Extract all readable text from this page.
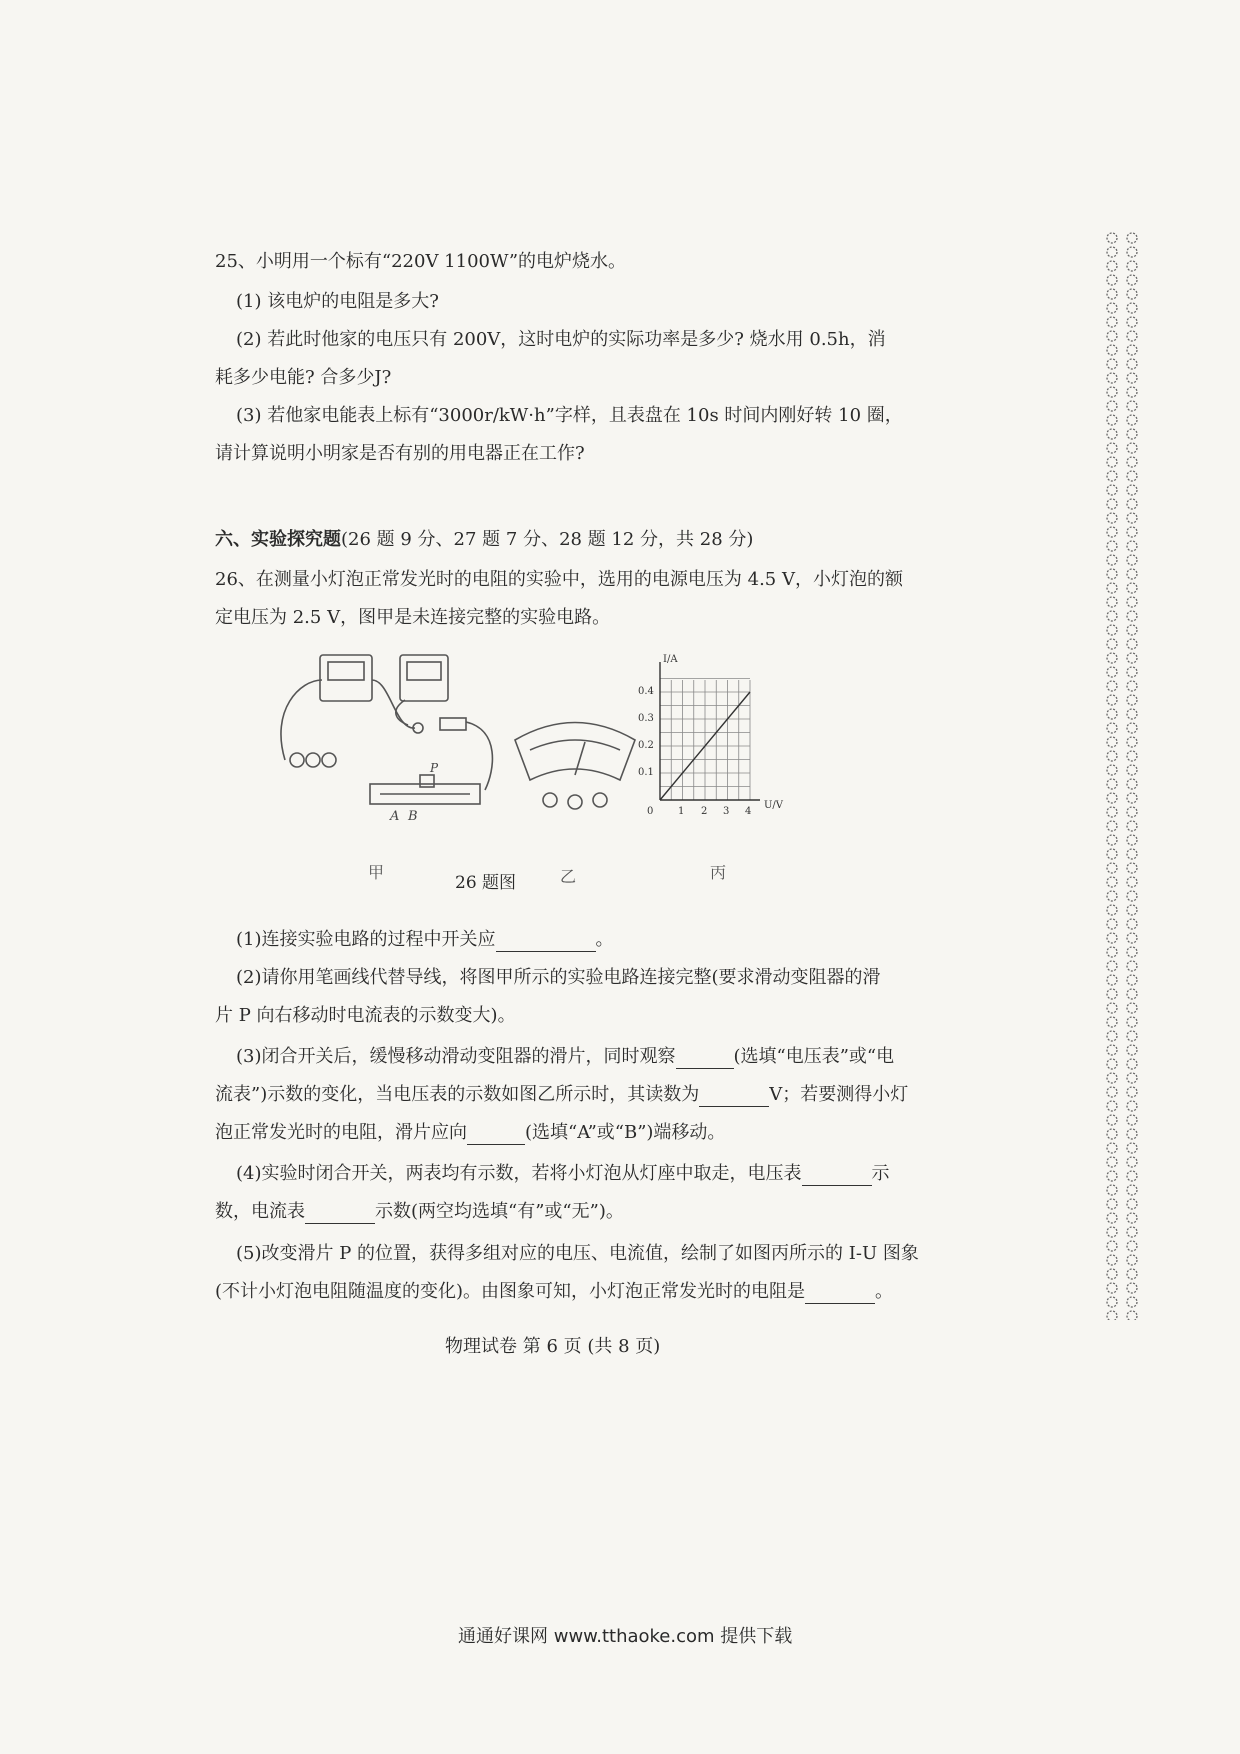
25、小明用一个标有“220V 1100W”的电炉烧水。
(1) 该电炉的电阻是多大?
(2) 若此时他家的电压只有 200V，这时电炉的实际功率是多少? 烧水用 0.5h，消
耗多少电能? 合多少J?
(3) 若他家电能表上标有“3000r/kW·h”字样，且表盘在 10s 时间内刚好转 10 圈，
请计算说明小明家是否有别的用电器正在工作?
六、实验探究题(26 题 9 分、27 题 7 分、28 题 12 分，共 28 分)
26、在测量小灯泡正常发光时的电阻的实验中，选用的电源电压为 4.5 V，小灯泡的额
定电压为 2.5 V，图甲是未连接完整的实验电路。
A B
P
I/A
U/V
0.1
0.2
0.3
0.4
0 1 2 3 4
甲	乙	丙
26 题图
(1)连接实验电路的过程中开关应	。
(2)请你用笔画线代替导线，将图甲所示的实验电路连接完整(要求滑动变阻器的滑
片 P 向右移动时电流表的示数变大)。
(3)闭合开关后，缓慢移动滑动变阻器的滑片，同时观察	(选填“电压表”或“电
流表”)示数的变化，当电压表的示数如图乙所示时，其读数为	V；若要测得小灯
泡正常发光时的电阻，滑片应向	(选填“A”或“B”)端移动。
(4)实验时闭合开关，两表均有示数，若将小灯泡从灯座中取走，电压表	示
数，电流表	示数(两空均选填“有”或“无”)。
(5)改变滑片 P 的位置，获得多组对应的电压、电流值，绘制了如图丙所示的 I-U 图象
(不计小灯泡电阻随温度的变化)。由图象可知，小灯泡正常发光时的电阻是	。
物理试卷 第 6 页 (共 8 页)
通通好课网 www.tthaoke.com 提供下载
